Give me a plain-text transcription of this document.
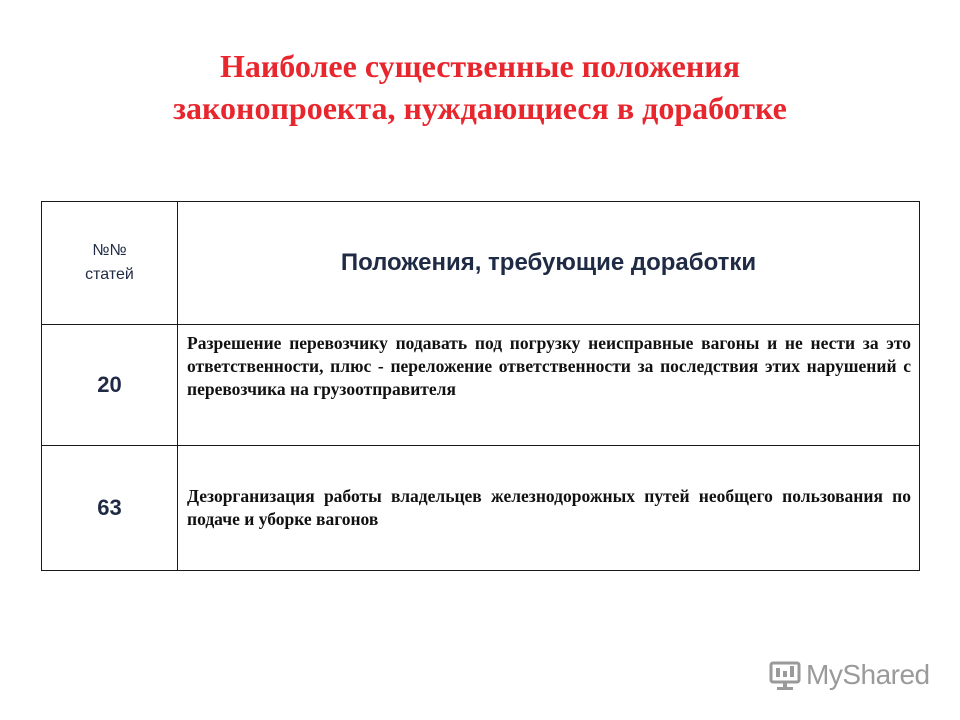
Наиболее существенные положения
законопроекта, нуждающиеся в доработке
№№
статей	Положения, требующие доработки
20	Разрешение перевозчику подавать под погрузку неисправные вагоны и не нести за это ответственности, плюс - переложение ответственности за последствия этих нарушений с перевозчика на грузоотправителя
63	Дезорганизация работы владельцев железнодорожных путей необщего пользования по подаче и уборке вагонов
MyShared
